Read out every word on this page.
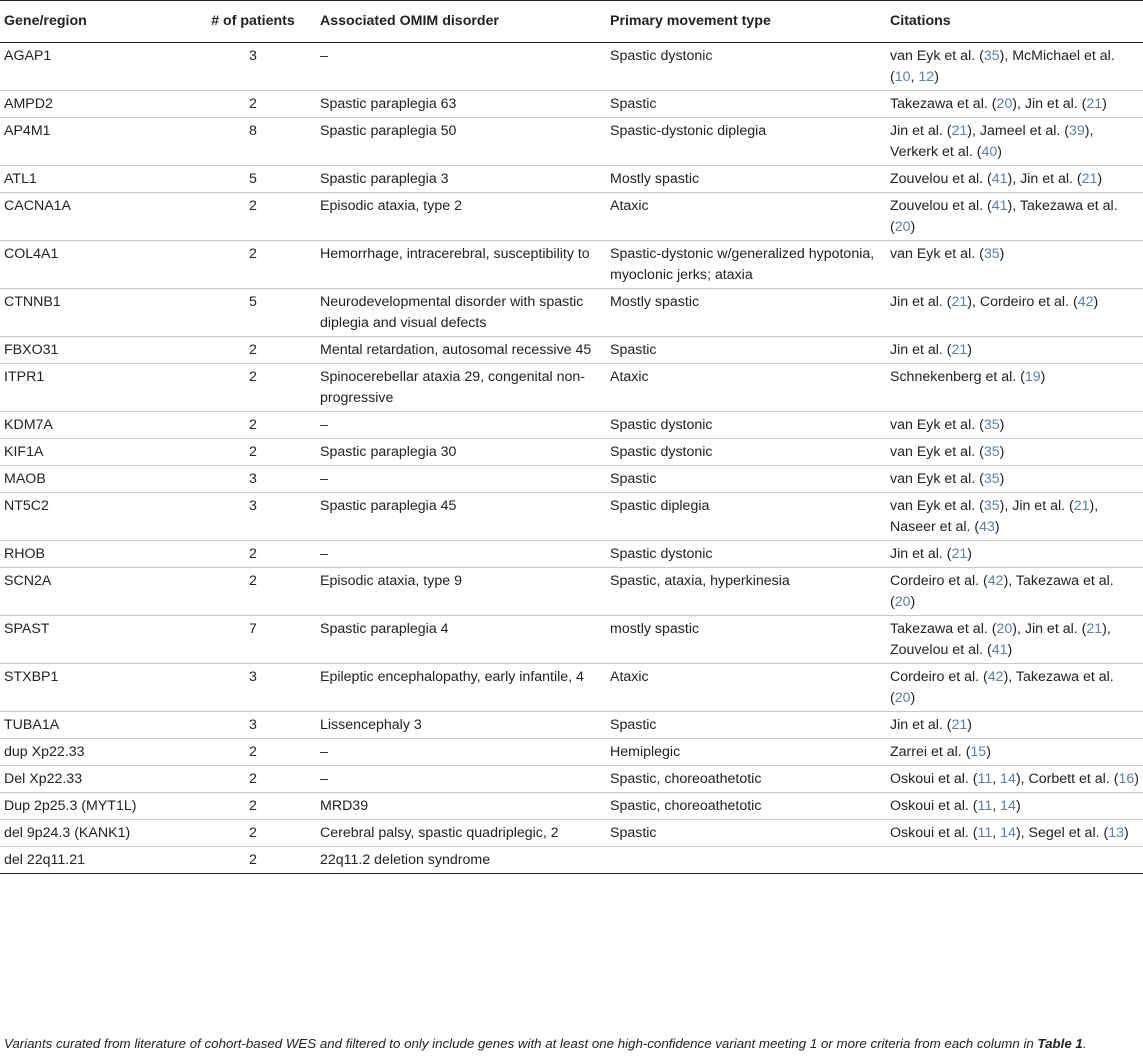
Gene/region	# of patients	Associated OMIM disorder	Primary movement type	Citations
AGAP1	3	–	Spastic dystonic	van Eyk et al. (35), McMichael et al. (10, 12)
AMPD2	2	Spastic paraplegia 63	Spastic	Takezawa et al. (20), Jin et al. (21)
AP4M1	8	Spastic paraplegia 50	Spastic-dystonic diplegia	Jin et al. (21), Jameel et al. (39), Verkerk et al. (40)
ATL1	5	Spastic paraplegia 3	Mostly spastic	Zouvelou et al. (41), Jin et al. (21)
CACNA1A	2	Episodic ataxia, type 2	Ataxic	Zouvelou et al. (41), Takezawa et al. (20)
COL4A1	2	Hemorrhage, intracerebral, susceptibility to	Spastic-dystonic w/generalized hypotonia, myoclonic jerks; ataxia	van Eyk et al. (35)
CTNNB1	5	Neurodevelopmental disorder with spastic diplegia and visual defects	Mostly spastic	Jin et al. (21), Cordeiro et al. (42)
FBXO31	2	Mental retardation, autosomal recessive 45	Spastic	Jin et al. (21)
ITPR1	2	Spinocerebellar ataxia 29, congenital non-progressive	Ataxic	Schnekenberg et al. (19)
KDM7A	2	–	Spastic dystonic	van Eyk et al. (35)
KIF1A	2	Spastic paraplegia 30	Spastic dystonic	van Eyk et al. (35)
MAOB	3	–	Spastic	van Eyk et al. (35)
NT5C2	3	Spastic paraplegia 45	Spastic diplegia	van Eyk et al. (35), Jin et al. (21), Naseer et al. (43)
RHOB	2	–	Spastic dystonic	Jin et al. (21)
SCN2A	2	Episodic ataxia, type 9	Spastic, ataxia, hyperkinesia	Cordeiro et al. (42), Takezawa et al. (20)
SPAST	7	Spastic paraplegia 4	mostly spastic	Takezawa et al. (20), Jin et al. (21), Zouvelou et al. (41)
STXBP1	3	Epileptic encephalopathy, early infantile, 4	Ataxic	Cordeiro et al. (42), Takezawa et al. (20)
TUBA1A	3	Lissencephaly 3	Spastic	Jin et al. (21)
dup Xp22.33	2	–	Hemiplegic	Zarrei et al. (15)
Del Xp22.33	2	–	Spastic, choreoathetotic	Oskoui et al. (11, 14), Corbett et al. (16)
Dup 2p25.3 (MYT1L)	2	MRD39	Spastic, choreoathetotic	Oskoui et al. (11, 14)
del 9p24.3 (KANK1)	2	Cerebral palsy, spastic quadriplegic, 2	Spastic	Oskoui et al. (11, 14), Segel et al. (13)
del 22q11.21	2	22q11.2 deletion syndrome		
Variants curated from literature of cohort-based WES and filtered to only include genes with at least one high-confidence variant meeting 1 or more criteria from each column in Table 1.
